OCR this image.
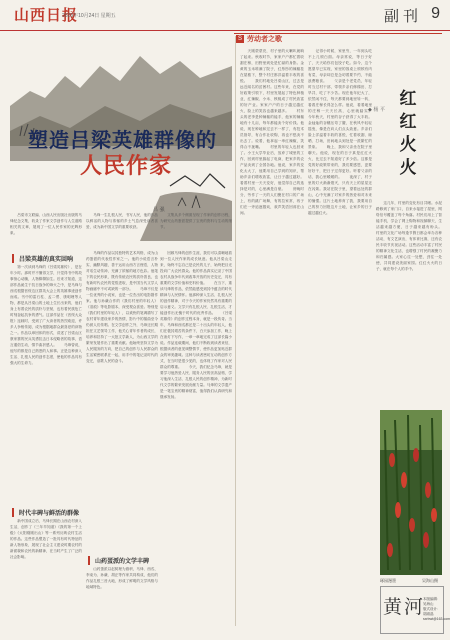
山西日报
2025年10月24日 星期五	副刊 9
S 劳动者之歌
塑造吕梁英雄群像的
人民作家
吕 强
　　吕梁市文联编、山西人民出版社出版的马烽纪念文集，收录了作家文学创作与人生道路相关的文章，展现了一位人民作家的光辉形象。
　　马烽一生扎根人民，书写人民，他的作品以鲜活的人物与浓郁的乡土气息深受读者喜爱，成为新中国文学的重要收获。
　　文集从多个侧面呈现了作家的创作历程，为研究山药蛋派提供了宝贵的资料与生动的细节。
吕梁英雄的真实回响
　　第一次读到马烽的《吕梁英雄传》，是在年少时。那时并不懂得文学，只觉得书中的故事惊心动魄，人物栩栩如生。后来才知道，这部作品诞生于抗日战争的烽火之中，是马烽与西戎根据晋绥边区群英大会上的英雄事迹创作而成。书中的雷石柱、孟二愣、康明理等人物，都是从吕梁山的土地上生长出来的，他们身上有着农民的质朴与坚韧，也有着民族危亡时刻奋起抗争的勇气。这部作品在《晋绥大众报》连载时，受到了广大读者的热烈欢迎，许多人争相传阅，成为根据地群众最喜爱的读物之一。作品以章回体的形式，讲述了吕梁山区康家寨的民兵英勇抗击日本侵略者的故事，语言通俗生动，情节曲折感人。　　马烽曾说，他写的都是自己熟悉的人和事。正是这种深入生活、扎根人民的创作态度，使他的作品具有强大的生命力。
时代丰碑与鲜活的群像
　　新中国成立后，马烽长期在山西农村深入生活，创作了《三年早知道》《我的第一个上级》《太阳刚刚出山》等一系列反映农村生活的作品。这些作品塑造了一批具有时代特征的新人物形象，展现了社会主义建设时期农村的新面貌和农民的新精神，在当时产生了广泛的社会影响。
　　马烽的作品以其独特的艺术风格，成为山药蛋派的代表性作家之一。他的小说语言朴实、幽默风趣，善于运用山西方言俚语，人物对话生动传神，充满了浓郁的地方色彩。他笔下的农民形象，既有传统农民的质朴善良，也有新时代农民的觉悟进取，是中国当代文学人物画廊中不可或缺的一部分。　　马烽不仅是一位优秀的小说家，也是一位杰出的电影剧作家。他与孙谦合作的《我们村里的年轻人》《泪痕》等电影剧本，深受观众喜爱。特别是《我们村里的年轻人》，以欢快的笔调描写了农村青年建设家乡的热情，影片中的插曲至今仍被人们传唱。在文学创作之外，马烽还长期担任文艺领导工作，他关心青年作者的成长，培养和扶持了一大批文学新人，为山西文学的繁荣发展作出了重要贡献。他始终坚持文学为人民服务的方向，把自己的创作与人民群众的生活紧密联系在一起，用手中的笔记录时代的变迁，讴歌人民的奋斗。
山药蛋派的文学丰碑
　　山药蛋派以赵树理为旗帜，马烽、西戎、李束为、孙谦、胡正等作家共同构成，他们的作品扎根三晋大地，形成了鲜明的文学风格与地域特色。
　　回顾马烽的创作生涯，我们可以清晰地看到一位人民作家的成长轨迹。他从吕梁山走来，始终不忘自己是农民的儿子，始终把目光投向广大农民群众。他的作品真实记录了中国农村从战争年代到改革开放的历史变迁，具有重要的文学价值和史料价值。　　在当下，重读马烽的作品，依然能感受到其中蕴含的时代精神与人民情怀。他那种深入生活、扎根人民的创作精神，对于今天的作家仍然具有重要的启示意义。文学只有扎根人民、扎根生活，才能创作出无愧于时代的优秀作品。　　《吕梁英雄传》的创作过程本身，就是一段传奇。当年，马烽和西戎都还是二十出头的年轻人，他们在极其艰苦的条件下，白天参加工作，晚上在油灯下写作，一章一章地完成了这部长篇小说。作品连载期间，他们不断收到读者来信，根据读者的意见调整情节，使作品更加贴近群众的审美趣味。这种与读者密切互动的创作方式，在当时是很少见的，也体现了作家对人民群众的尊重。　　今天，我们纪念马烽，就是要学习他热爱人民、服务人民的崇高品格，学习他深入生活、扎根人民的创作精神，为新时代文学的繁荣发展贡献力量。马烽的文学遗产是一笔宝贵的精神财富，值得我们认真研究和继承发扬。
　　天刚蒙蒙亮，村子里的大喇叭就响了起来。秋收时节，家家户户都忙着收割庄稼，田野里到处是忙碌的身影。金黄的玉米堆满了院子，红彤彤的辣椒挂在屋檐下，整个村庄都洋溢着丰收的喜悦。　　我们村地处吕梁山区，过去是远近闻名的贫困村。这些年来，在党的好政策引领下，村里发展起了特色种植业，红辣椒、小米、核桃成了村民致富的好产业。家家户户的日子越过越红火，脸上的笑容也越来越多。　　村东头的老李是种辣椒的能手，他家的辣椒地有十几亩，每年都能卖个好价钱。他说，现在种地和过去不一样了，有技术员指导，有合作社收购，再也不愁卖不出去了。说着，他拿起一串红辣椒，笑得合不拢嘴。　　村里的年轻人也回来了。小王大学毕业后，放弃了城里的工作，回到村里搞起了电商，把家乡的农产品卖到了全国各地。他说，家乡的变化太大了，他要用自己学到的知识，帮助乡亲们增收致富，让日子越过越好。看着村里一天天变好，他觉得自己的选择是对的，心里满是自豪。　　傍晚时分，劳作了一天的人们聚在村口的广场上，有的跳广场舞，有的拉家常，孩子们在一旁追逐嬉戏，欢声笑语回荡在山间。
　　记得小时候，家里穷，一年到头吃不上几顿白面。母亲常说，等日子好了，天天给你们包饺子吃。如今，这个愿望早已实现，家里的饭桌上顿顿有肉有菜，母亲却总是念叨着要节约，不能浪费粮食。　　父亲是个老党员，年轻时当过村干部，带领乡亲们修梯田、打旱井，吃了不少苦。现在他年纪大了，依然闲不住，每天都要到地里转一转，看看庄稼长得怎么样。他说，看着地里的庄稼一天天长高，心里就踏实。　　今年秋天，村里的谷子获得了大丰收。金灿灿的谷穗压弯了腰，在秋风中轻轻摇曳，像是在向人们点头致意。乡亲们脸上洋溢着丰收的喜悦，忙着收割、晾晒、打场，田间地头到处是一派繁忙的景象。　　晚上，我和父亲坐在院子里聊天。他说，现在的日子真是红红火火，比过去不知道好了多少倍。这都是党的好政策带来的，我们要感恩，更要好好干，把日子过得更好。听着父亲的话，我心里暖暖的。　　夜深了，村子里的灯火渐渐熄灭，只有天上的星星还在闪烁。我站在院子里，望着远处的群山，心中充满了对家乡的热爱和对未来的憧憬。这片土地养育了我，我要用自己的努力回报这片土地，让家乡的日子越过越红火。
　　这几年，村里的变化有目共睹。水泥路修到了家门口，自来水接进了屋里，网络信号覆盖了每个角落。村民们用上了智能手机，学会了网上购物和视频聊天，生活越来越方便，日子越来越有盼头。　　村里的文化广场每逢节假日都会举办各种活动，有文艺演出，有体育比赛，还有农民丰收节庆祝活动。这些活动丰富了村民的精神文化生活，也增强了村民的凝聚力和归属感。大家心往一处想，劲往一处使，共同建设美丽家园。红红火火的日子，就在每个人的手中。
红红火火
◆ 杨 平
琢园漫墨	吴海山摄
黄河
本版编辑：吴海山
版式设计：胡淑晶
sxrbwt@163.com
